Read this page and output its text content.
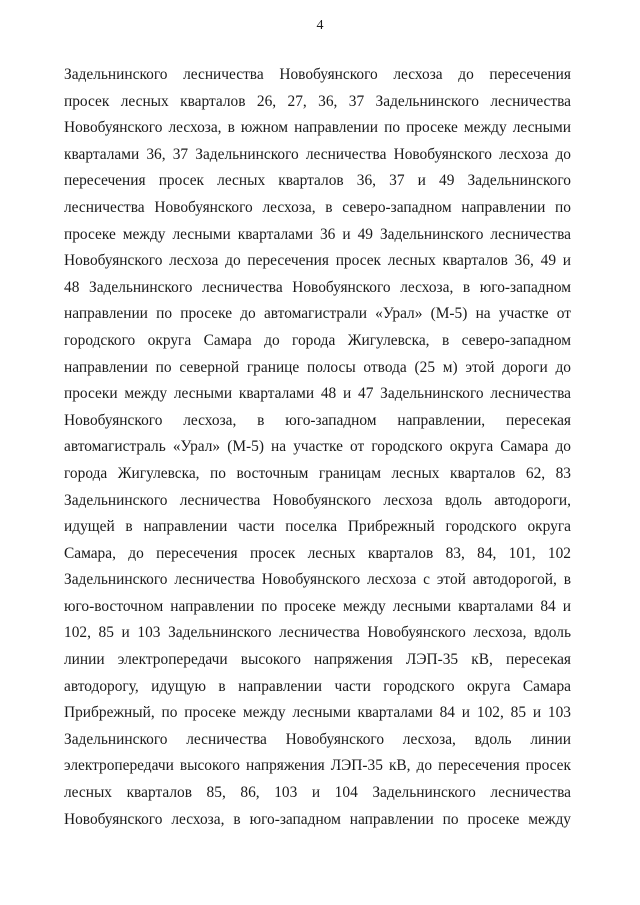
4
Задельнинского лесничества Новобуянского лесхоза до пересечения
просек лесных кварталов 26, 27, 36, 37 Задельнинского лесничества
Новобуянского лесхоза, в южном направлении по просеке между лесными
кварталами 36, 37 Задельнинского лесничества Новобуянского лесхоза до
пересечения просек лесных кварталов 36, 37 и 49 Задельнинского
лесничества Новобуянского лесхоза, в северо-западном направлении по
просеке между лесными кварталами 36 и 49 Задельнинского лесничества
Новобуянского лесхоза до пересечения просек лесных кварталов 36, 49 и
48 Задельнинского лесничества Новобуянского лесхоза, в юго-западном
направлении по просеке до автомагистрали «Урал» (М-5) на участке от
городского округа Самара до города Жигулевска, в северо-западном
направлении по северной границе полосы отвода (25 м) этой дороги до
просеки между лесными кварталами 48 и 47 Задельнинского лесничества
Новобуянского лесхоза, в юго-западном направлении, пересекая
автомагистраль «Урал» (М-5) на участке от городского округа Самара до
города Жигулевска, по восточным границам лесных кварталов 62, 83
Задельнинского лесничества Новобуянского лесхоза вдоль автодороги,
идущей в направлении части поселка Прибрежный городского округа
Самара, до пересечения просек лесных кварталов 83, 84, 101, 102
Задельнинского лесничества Новобуянского лесхоза с этой автодорогой, в
юго-восточном направлении по просеке между лесными кварталами 84 и
102, 85 и 103 Задельнинского лесничества Новобуянского лесхоза, вдоль
линии электропередачи высокого напряжения ЛЭП-35 кВ, пересекая
автодорогу, идущую в направлении части городского округа Самара
Прибрежный, по просеке между лесными кварталами 84 и 102, 85 и 103
Задельнинского лесничества Новобуянского лесхоза, вдоль линии
электропередачи высокого напряжения ЛЭП-35 кВ, до пересечения просек
лесных кварталов 85, 86, 103 и 104 Задельнинского лесничества
Новобуянского лесхоза, в юго-западном направлении по просеке между
